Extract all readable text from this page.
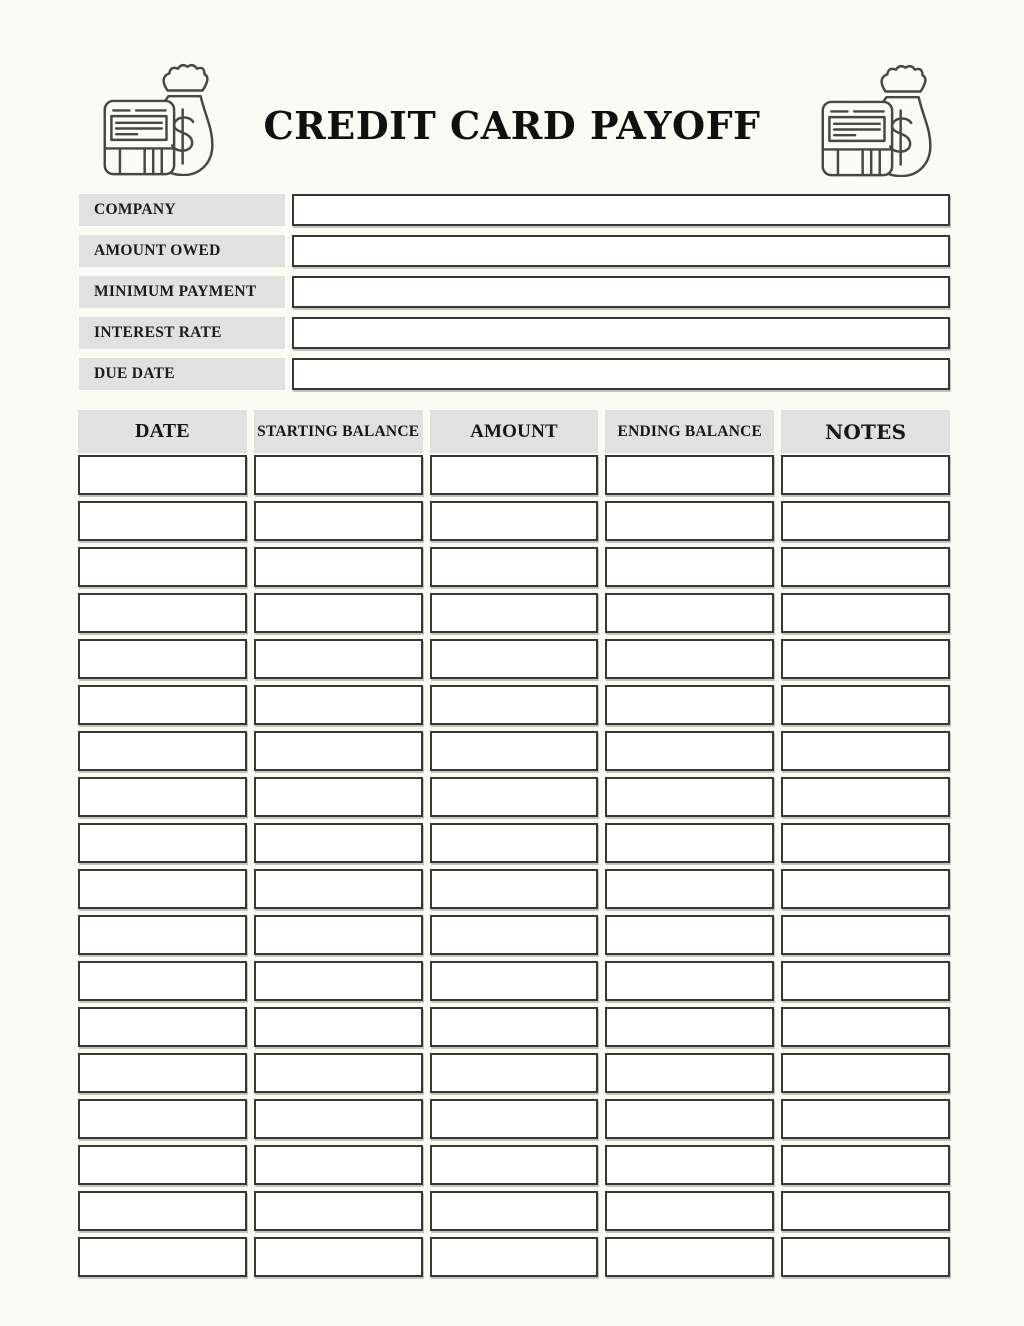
CREDIT CARD PAYOFF
COMPANY
AMOUNT OWED
MINIMUM PAYMENT
INTEREST RATE
DUE DATE
DATE	STARTING BALANCE	AMOUNT	ENDING BALANCE	NOTES
